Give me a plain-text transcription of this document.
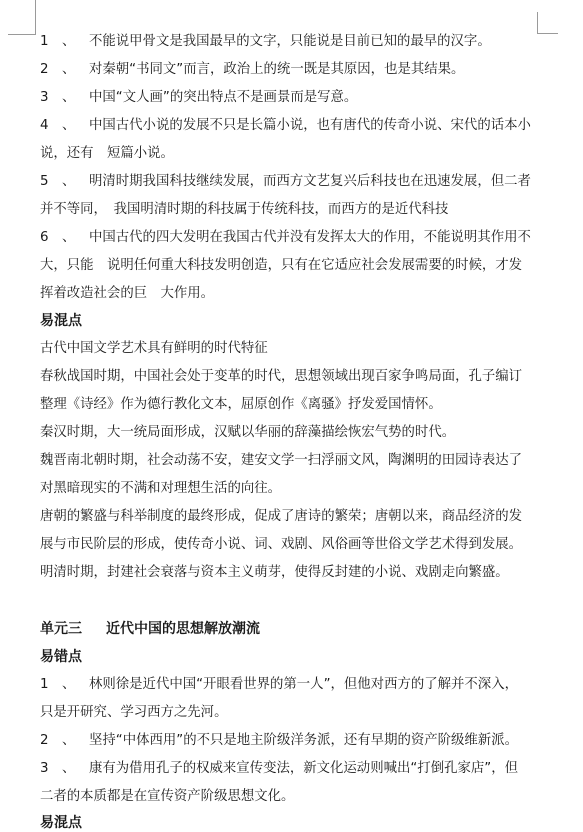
1 、 不能说甲骨文是我国最早的文字，只能说是目前已知的最早的汉字。
2 、 对秦朝“书同文”而言，政治上的统一既是其原因，也是其结果。
3 、 中国“文人画”的突出特点不是画景而是写意。
4 、 中国古代小说的发展不只是长篇小说，也有唐代的传奇小说、宋代的话本小
说，还有　短篇小说。
5 、 明清时期我国科技继续发展，而西方文艺复兴后科技也在迅速发展，但二者
并不等同，　我国明清时期的科技属于传统科技，而西方的是近代科技
6 、 中国古代的四大发明在我国古代并没有发挥太大的作用，不能说明其作用不
大，只能　说明任何重大科技发明创造，只有在它适应社会发展需要的时候，才发
挥着改造社会的巨　大作用。
易混点
古代中国文学艺术具有鲜明的时代特征
春秋战国时期，中国社会处于变革的时代，思想领域出现百家争鸣局面，孔子编订
整理《诗经》作为德行教化文本，屈原创作《离骚》抒发爱国情怀。
秦汉时期，大一统局面形成，汉赋以华丽的辞藻描绘恢宏气势的时代。
魏晋南北朝时期，社会动荡不安，建安文学一扫浮丽文风，陶渊明的田园诗表达了
对黑暗现实的不满和对理想生活的向往。
唐朝的繁盛与科举制度的最终形成，促成了唐诗的繁荣；唐朝以来，商品经济的发
展与市民阶层的形成，使传奇小说、词、戏剧、风俗画等世俗文学艺术得到发展。
明清时期，封建社会衰落与资本主义萌芽，使得反封建的小说、戏剧走向繁盛。
单元三 近代中国的思想解放潮流
易错点
1 、 林则徐是近代中国“开眼看世界的第一人”，但他对西方的了解并不深入，
只是开研究、学习西方之先河。
2 、 坚持“中体西用”的不只是地主阶级洋务派，还有早期的资产阶级维新派。
3 、 康有为借用孔子的权威来宣传变法，新文化运动则喊出“打倒孔家店”，但
二者的本质都是在宣传资产阶级思想文化。
易混点
